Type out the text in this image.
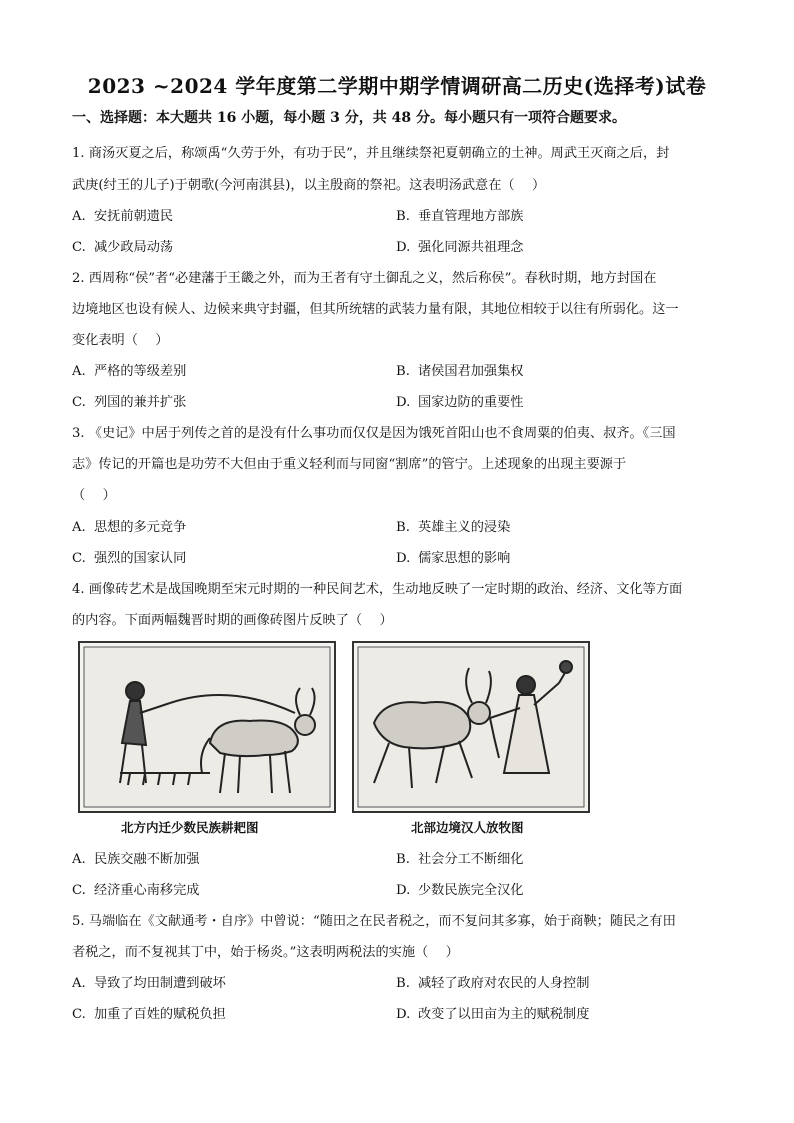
2023 ~2024 学年度第二学期中期学情调研高二历史(选择考)试卷
一、选择题：本大题共 16 小题，每小题 3 分，共 48 分。每小题只有一项符合题要求。
1. 商汤灭夏之后，称颂禹“久劳于外，有功于民”，并且继续祭祀夏朝确立的土神。周武王灭商之后，封
武庚(纣王的儿子)于朝歌(今河南淇县)，以主殷商的祭祀。这表明汤武意在（　 ）
A. 安抚前朝遗民	B. 垂直管理地方部族
C. 减少政局动荡	D. 强化同源共祖理念
2. 西周称“侯”者“必建藩于王畿之外，而为王者有守土御乱之义，然后称侯”。春秋时期，地方封国在
边境地区也设有候人、边候来典守封疆，但其所统辖的武装力量有限，其地位相较于以往有所弱化。这一
变化表明（　 ）
A. 严格的等级差别	B. 诸侯国君加强集权
C. 列国的兼并扩张	D. 国家边防的重要性
3. 《史记》中居于列传之首的是没有什么事功而仅仅是因为饿死首阳山也不食周粟的伯夷、叔齐。《三国
志》传记的开篇也是功劳不大但由于重义轻利而与同窗“割席”的管宁。上述现象的出现主要源于
（　 ）
A. 思想的多元竞争	B. 英雄主义的浸染
C. 强烈的国家认同	D. 儒家思想的影响
4. 画像砖艺术是战国晚期至宋元时期的一种民间艺术，生动地反映了一定时期的政治、经济、文化等方面
的内容。下面两幅魏晋时期的画像砖图片反映了（　 ）
北方内迁少数民族耕耙图	北部边境汉人放牧图
A. 民族交融不断加强	B. 社会分工不断细化
C. 经济重心南移完成	D. 少数民族完全汉化
5. 马端临在《文献通考・自序》中曾说：“随田之在民者税之，而不复问其多寡，始于商鞅；随民之有田
者税之，而不复视其丁中，始于杨炎。”这表明两税法的实施（　 ）
A. 导致了均田制遭到破坏	B. 减轻了政府对农民的人身控制
C. 加重了百姓的赋税负担	D. 改变了以田亩为主的赋税制度
